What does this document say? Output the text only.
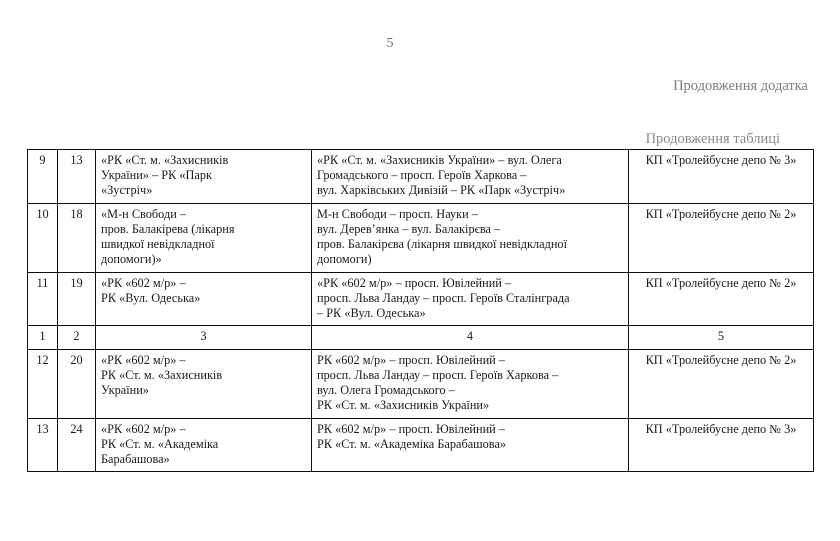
5
Продовження додатка
Продовження таблиці
9	13	«РК «Ст. м. «Захисників
України» – РК «Парк
«Зустріч»	«РК «Ст. м. «Захисників України» – вул. Олега
Громадського – просп. Героїв Харкова –
вул. Харківських Дивізій – РК «Парк «Зустріч»	КП «Тролейбусне депо № 3»
10	18	«М-н Свободи –
пров. Балакірева (лікарня
швидкої невідкладної
допомоги)»	М-н Свободи – просп. Науки –
вул. Дерев’янка – вул. Балакірєва –
пров. Балакірєва (лікарня швидкої невідкладної
допомоги)	КП «Тролейбусне депо № 2»
11	19	«РК «602 м/р» –
РК «Вул. Одеська»	«РК «602 м/р» – просп. Ювілейний –
просп. Льва Ландау – просп. Героїв Сталінграда
– РК «Вул. Одеська»	КП «Тролейбусне депо № 2»
1	2	3	4	5
12	20	«РК «602 м/р» –
РК «Ст. м. «Захисників
України»	РК «602 м/р» – просп. Ювілейний –
просп. Льва Ландау – просп. Героїв Харкова –
вул. Олега Громадського –
РК «Ст. м. «Захисників України»	КП «Тролейбусне депо № 2»
13	24	«РК «602 м/р» –
РК «Ст. м. «Академіка
Барабашова»	РК «602 м/р» – просп. Ювілейний –
РК «Ст. м. «Академіка Барабашова»	КП «Тролейбусне депо № 3»
